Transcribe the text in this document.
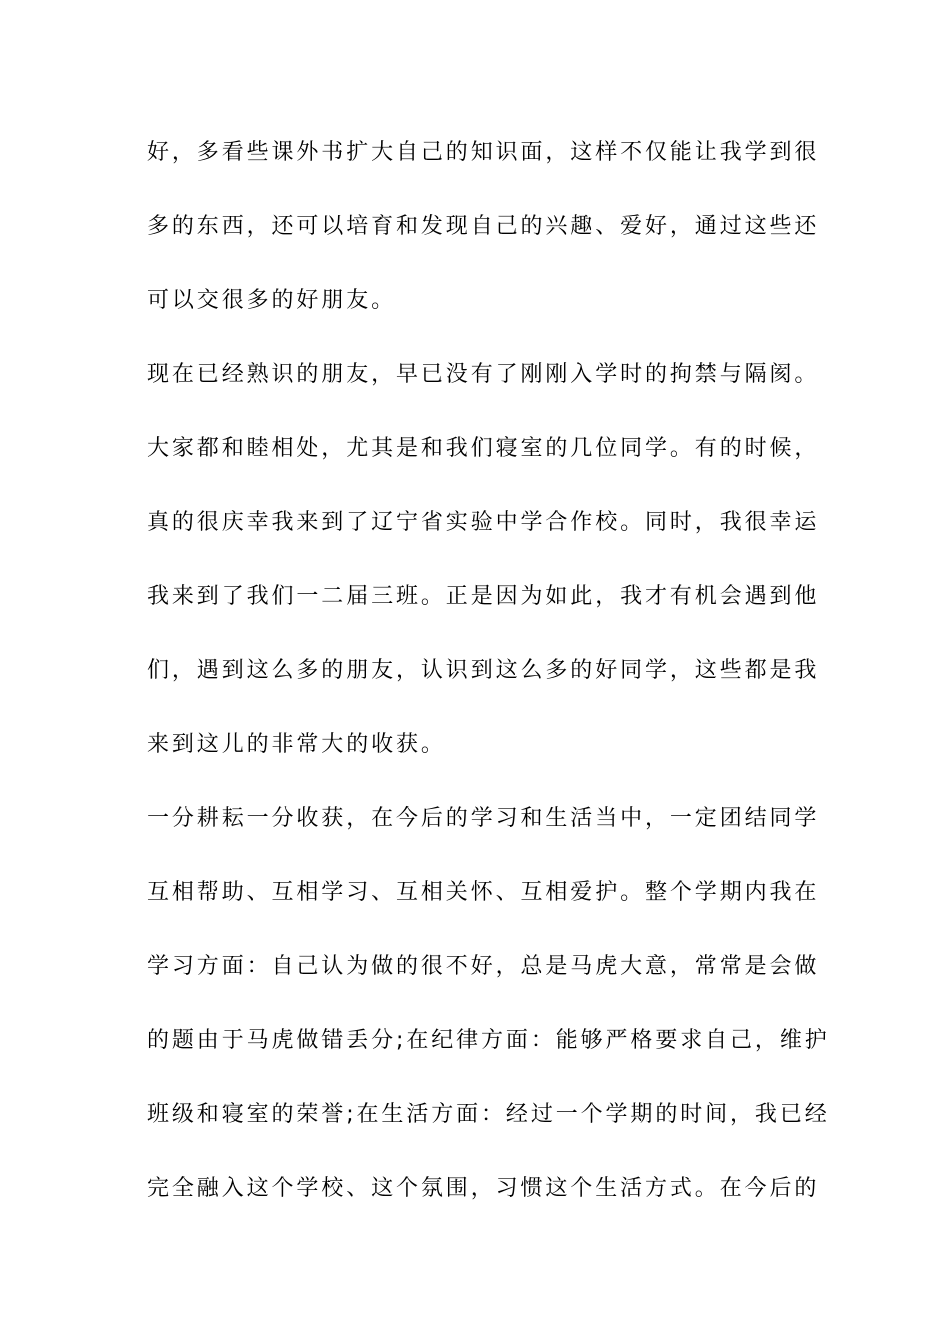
好，多看些课外书扩大自己的知识面，这样不仅能让我学到很
多的东西，还可以培育和发现自己的兴趣、爱好，通过这些还
可以交很多的好朋友。
现在已经熟识的朋友，早已没有了刚刚入学时的拘禁与隔阂。
大家都和睦相处，尤其是和我们寝室的几位同学。有的时候，
真的很庆幸我来到了辽宁省实验中学合作校。同时，我很幸运
我来到了我们一二届三班。正是因为如此，我才有机会遇到他
们，遇到这么多的朋友，认识到这么多的好同学，这些都是我
来到这儿的非常大的收获。
一分耕耘一分收获，在今后的学习和生活当中，一定团结同学
互相帮助、互相学习、互相关怀、互相爱护。整个学期内我在
学习方面：自己认为做的很不好，总是马虎大意，常常是会做
的题由于马虎做错丢分;在纪律方面：能够严格要求自己，维护
班级和寝室的荣誉;在生活方面：经过一个学期的时间，我已经
完全融入这个学校、这个氛围，习惯这个生活方式。在今后的
